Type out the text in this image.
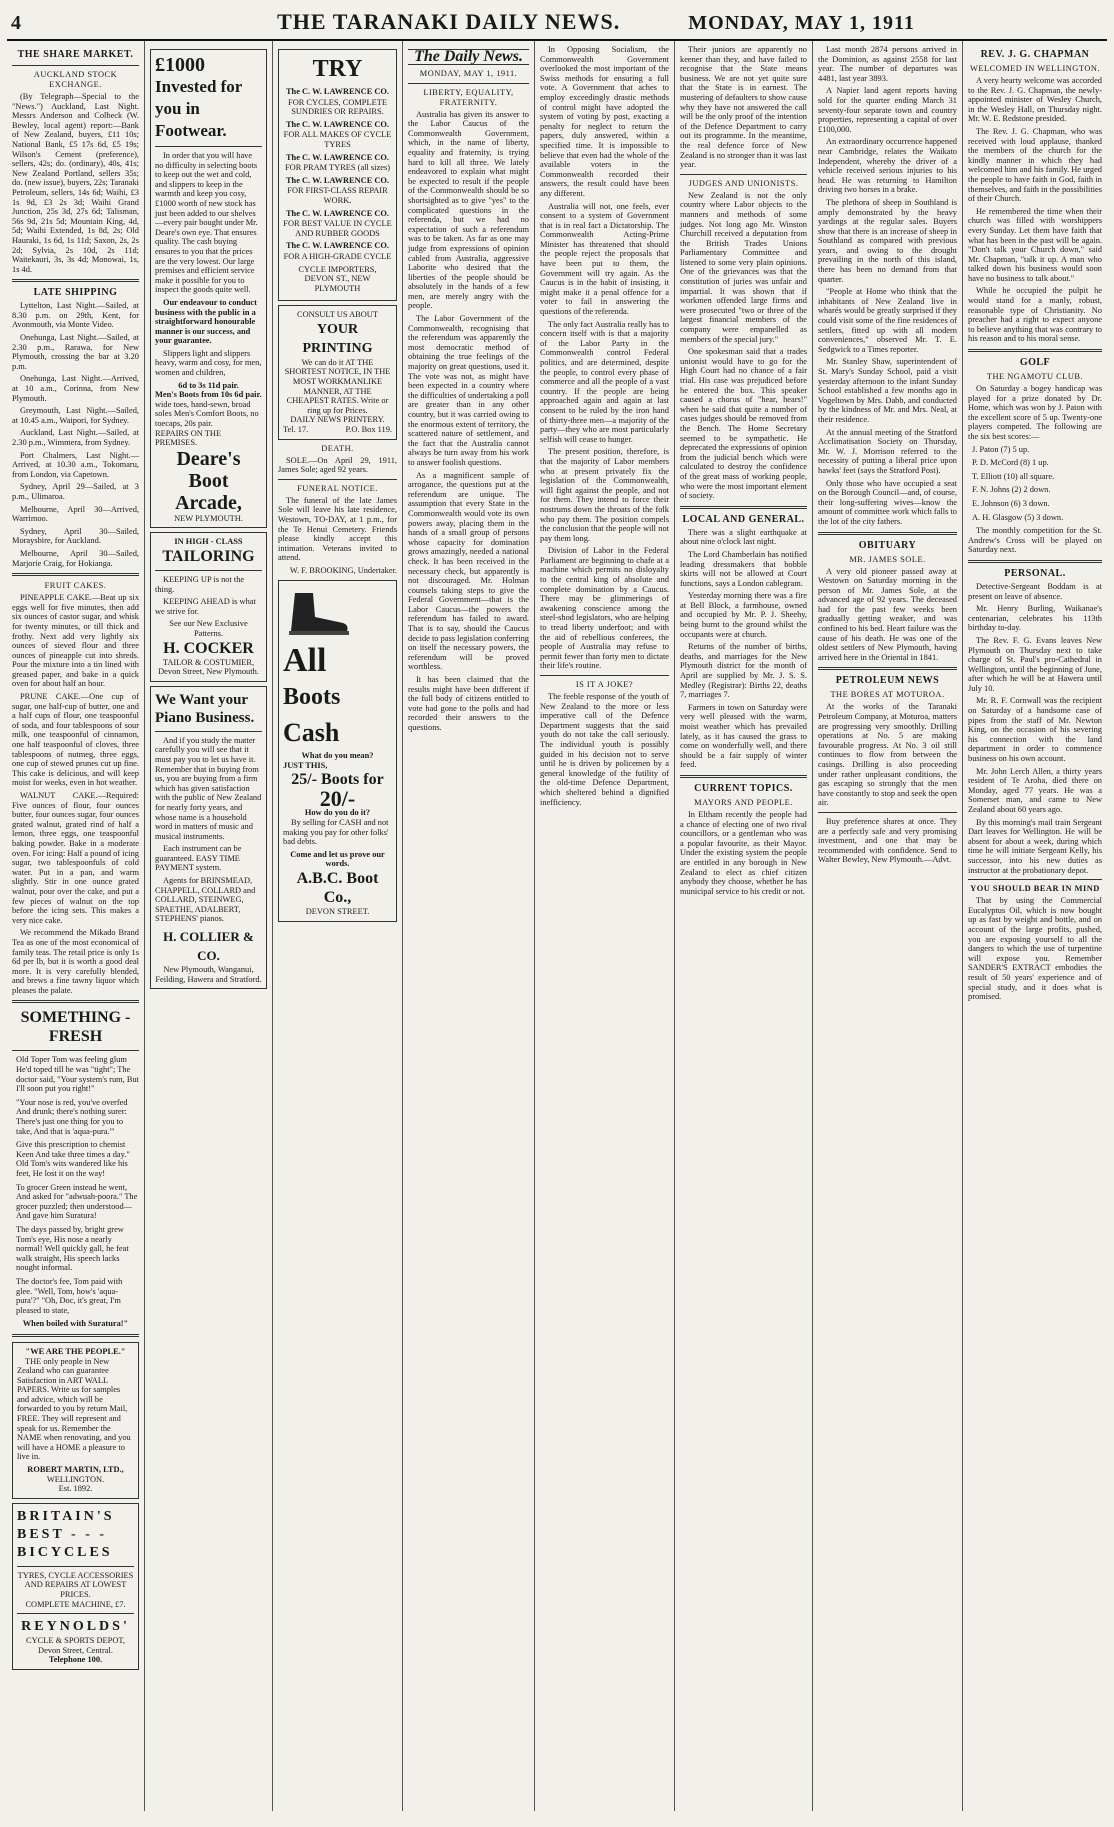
4	THE TARANAKI DAILY NEWS.	MONDAY, MAY 1, 1911
THE SHARE MARKET.
AUCKLAND STOCK EXCHANGE.

(By Telegraph—Special to the "News.") Auckland, Last Night. Messrs Anderson and Colbeck (W. Bewley, local agent) report:—Bank of New Zealand, buyers, £11 10s; National Bank, £5 17s 6d, £5 19s; Wilson's Cement (preference), sellers, 42s; do. (ordinary), 40s, 41s; New Zealand Portland, sellers 35s; do. (new issue), buyers, 22s; Taranaki Petroleum, sellers, 14s 6d; Waihi, £3 1s 9d, £3 2s 3d; Waihi Grand Junction, 25s 3d, 27s 6d; Talisman, 56s 9d, 21s 5d; Mountain King, 4d, 5d; Waihi Extended, 1s 8d, 2s; Old Hauraki, 1s 6d, 1s 11d; Saxon, 2s, 2s 2d; Sylvia, 2s 10d, 2s 11d; Waitekauri, 3s, 3s 4d; Monowai, 1s, 1s 4d.

LATE SHIPPING

Lyttelton, Last Night.—Sailed, at 8.30 p.m. on 29th, Kent, for Avonmouth, via Monte Video.

Onehunga, Last Night.—Sailed, at 2.30 p.m., Rarawa, for New Plymouth, crossing the bar at 3.20 p.m.

Onehunga, Last Night.—Arrived, at 10 a.m., Corinna, from New Plymouth.

Greymouth, Last Night.—Sailed, at 10.45 a.m., Waipori, for Sydney.

Auckland, Last Night.—Sailed, at 2.30 p.m., Wimmera, from Sydney.

Port Chalmers, Last Night.—Arrived, at 10.30 a.m., Tokomaru, from London, via Capetown.

Sydney, April 29—Sailed, at 3 p.m., Ulimaroa.

Melbourne, April 30—Arrived, Warrimoo.

Sydney, April 30—Sailed, Moraysbire, for Auckland.

Melbourne, April 30—Sailed, Marjorie Craig, for Hokianga.

FRUIT CAKES.

PINEAPPLE CAKE.—Beat up six eggs well for five minutes, then add six ounces of castor sugar, and whisk for twenty minutes, or till thick and frothy. Next add very lightly six ounces of sieved flour and three ounces of pineapple cut into shreds. Pour the mixture into a tin lined with greased paper, and bake in a quick oven for about half an hour.

PRUNE CAKE.—One cup of sugar, one half-cup of butter, one and a half cups of flour, one teaspoonful of soda, and four tablespoons of sour milk, one teaspoonful of cinnamon, one half teaspoonful of cloves, three tablespoons of nutmeg, three eggs, one cup of stewed prunes cut up fine. This cake is delicious, and will keep moist for weeks, even in hot weather.

WALNUT CAKE.—Required: Five ounces of flour, four ounces butter, four ounces sugar, four ounces grated walnut, grated rind of half a lemon, three eggs, one teaspoonful baking powder. Bake in a moderate oven. For icing: Half a pound of icing sugar, two tablespoonfuls of cold water. Put in a pan, and warm slightly. Stir in one ounce grated walnut, pour over the cake, and put a few pieces of walnut on the top before the icing sets. This makes a very nice cake.

We recommend the Mikado Brand Tea as one of the most economical of family teas. The retail price is only 1s 6d per lb, but it is worth a good deal more. It is very carefully blended, and brews a fine tawny liquor which pleases the palate.

SOMETHING - FRESH

Old Toper Tom was feeling glum He'd toped till he was "tight"; The doctor said, "Your system's rum, But I'll soon put you right!"

"Your nose is red, you've overfed And drunk; there's nothing surer: There's just one thing for you to take, And that is 'aqua-pura.'"

Give this prescription to chemist Keen And take three times a day." Old Tom's wits wandered like his feet, He lost it on the way!

To grocer Green instead he went, And asked for "adwuah-poora." The grocer puzzled; then understood— And gave him Suratura!

The days passed by, bright grew Tom's eye, His nose a nearly normal! Well quickly gall, he feat walk straight, His speech lacks nought informal.

The doctor's fee, Tom paid with glee. "Well, Tom, how's 'aqua-pura'?" "Oh, Doc, it's great, I'm pleased to state,

When boiled with Suratura!"
"WE ARE THE PEOPLE."

THE only people in New Zealand who can guarantee Satisfaction in ART WALL PAPERS. Write us for samples and advice, which will be forwarded to you by return Mail, FREE. They will represent and speak for us. Remember the NAME when renovating, and you will have a HOME a pleasure to live in.

ROBERT MARTIN, LTD.,
WELLINGTON.
Est. 1892.
BRITAIN'S
BEST - - -
BICYCLES
TYRES, CYCLE ACCESSORIES AND REPAIRS AT LOWEST PRICES.
COMPLETE MACHINE, £7.
REYNOLDS'
CYCLE & SPORTS DEPOT, Devon Street, Central.
Telephone 100.
£1000
Invested for you in Footwear.

In order that you will have no difficulty in selecting boots to keep out the wet and cold, and slippers to keep in the warmth and keep you cosy, £1000 worth of new stock has just been added to our shelves—every pair bought under Mr. Deare's own eye. That ensures quality. The cash buying ensures to you that the prices are the very lowest. Our large premises and efficient service make it possible for you to inspect the goods quite well.

Our endeavour to conduct business with the public in a straightforward honourable manner is our success, and your guarantee.

Slippers light and slippers heavy, warm and cosy, for men, women and children,

6d to 3s 11d pair.
Men's Boots from 10s 6d pair.
wide toes, hand-sewn, broad soles Men's Comfort Boots, no toecaps, 20s pair.
REPAIRS ON THE PREMISES.
Deare's
Boot Arcade,
NEW PLYMOUTH.
IN HIGH - CLASS
TAILORING

KEEPING UP is not the thing.

KEEPING AHEAD is what we strive for.

See our New Exclusive Patterns.
H. COCKER
TAILOR & COSTUMIER,
Devon Street, New Plymouth.
We Want your Piano Business.

And if you study the matter carefully you will see that it must pay you to let us have it. Remember that in buying from us, you are buying from a firm which has given satisfaction with the public of New Zealand for nearly forty years, and whose name is a household word in matters of music and musical instruments.

Each instrument can be guaranteed. EASY TIME PAYMENT system.

Agents for BRINSMEAD, CHAPPELL, COLLARD and COLLARD, STEINWEG, SPAETHE, ADALBERT, STEPHENS' pianos.

H. COLLIER & CO.
New Plymouth, Wanganui, Feilding, Hawera and Stratford.
TRY
The C. W. LAWRENCE CO.
FOR CYCLES, COMPLETE SUNDRIES OR REPAIRS.
The C. W. LAWRENCE CO.
FOR ALL MAKES OF CYCLE TYRES
The C. W. LAWRENCE CO.
FOR PRAM TYRES (all sizes)
The C. W. LAWRENCE CO.
FOR FIRST-CLASS REPAIR WORK.
The C. W. LAWRENCE CO.
FOR BEST VALUE IN CYCLE AND RUBBER GOODS
The C. W. LAWRENCE CO.
FOR A HIGH-GRADE CYCLE
CYCLE IMPORTERS, DEVON ST., NEW PLYMOUTH
CONSULT US ABOUT
YOUR PRINTING
We can do it AT THE SHORTEST NOTICE, IN THE MOST WORKMANLIKE MANNER, AT THE CHEAPEST RATES. Write or ring up for Prices.
DAILY NEWS PRINTERY.
Tel. 17.	P.O. Box 119.
DEATH.

SOLE.—On April 29, 1911, James Sole; aged 92 years.

FUNERAL NOTICE.

The funeral of the late James Sole will leave his late residence, Westown, TO-DAY, at 1 p.m., for the Te Henui Cemetery. Friends please kindly accept this intimation. Veterans invited to attend.

W. F. BROOKING, Undertaker.
All
Boots
Cash
What do you mean?
JUST THIS,
25/- Boots for
20/-
How do you do it?

By selling for CASH and not making you pay for other folks' bad debts.

Come and let us prove our words.
A.B.C. Boot Co.,
DEVON STREET.
The Daily News.
MONDAY, MAY 1, 1911.
LIBERTY, EQUALITY, FRATERNITY.

Australia has given its answer to the Labor Caucus of the Commonwealth Government, which, in the name of liberty, equality and fraternity, is trying hard to kill all three. We lately endeavored to explain what might be expected to result if the people of the Commonwealth should be so shortsighted as to give "yes" to the complicated questions in the referenda, but we had no expectation of such a referendum was to be taken. As far as one may judge from expressions of opinion cabled from Australia, aggressive Laborite who desired that the liberties of the people should be absolutely in the hands of a few men, are merely angry with the people.

The Labor Government of the Commonwealth, recognising that the referendum was apparently the most democratic method of obtaining the true feelings of the majority on great questions, used it. The vote was not, as might have been expected in a country where the difficulties of undertaking a poll are greater than in any other country, but it was carried owing to the enormous extent of territory, the scattered nature of settlement, and the fact that the Australia cannot always be turn away from his work to answer foolish questions.

As a magnificent sample of arrogance, the questions put at the referendum are unique. The assumption that every State in the Commonwealth would vote its own powers away, placing them in the hands of a small group of persons whose capacity for domination grows amazingly, needed a national check. It has been received in the necessary check, but apparently is not discouraged. Mr. Holman counsels taking steps to give the Federal Government—that is the Labor Caucus—the powers the referendum has failed to award. That is to say, should the Caucus decide to pass legislation conferring on itself the necessary powers, the referendum will be proved worthless.

It has been claimed that the results might have been different if the full body of citizens entitled to vote had gone to the polls and had recorded their answers to the questions.

In Opposing Socialism, the Commonwealth Government overlooked the most important of the Swiss methods for ensuring a full vote. A Government that aches to employ exceedingly drastic methods of control might have adopted the system of voting by post, exacting a penalty for neglect to return the papers, duly answered, within a specified time. It is impossible to believe that even had the whole of the available voters in the Commonwealth recorded their answers, the result could have been any different.

Australia will not, one feels, ever consent to a system of Government that is in real fact a Dictatorship. The Commonwealth Acting-Prime Minister has threatened that should the people reject the proposals that have been put to them, the Government will try again. As the Caucus is in the habit of insisting, it might make it a penal offence for a voter to fail in answering the questions of the referenda.

The only fact Australia really has to concern itself with is that a majority of the Labor Party in the Commonwealth control Federal politics, and are determined, despite the people, to control every phase of commerce and all the people of a vast country. If the people are being approached again and again at last consent to be ruled by the iron hand of thirty-three men—a majority of the party—they who are most particularly selfish will cease to hunger.

The present position, therefore, is that the majority of Labor members who at present privately fix the legislation of the Commonwealth, will fight against the people, and not for them. They intend to force their nostrums down the throats of the folk who pay them. The position compels the conclusion that the people will not pay them long.

Division of Labor in the Federal Parliament are beginning to chafe at a machine which permits no disloyalty to the central king of absolute and complete domination by a Caucus. There may be glimmerings of awakening conscience among the steel-shod legislators, who are helping to tread liberty underfoot; and with the aid of rebellious conferees, the people of Australia may refuse to permit fewer than forty men to dictate their life's routine.

IS IT A JOKE?

The feeble response of the youth of New Zealand to the more or less imperative call of the Defence Department suggests that the said youth do not take the call seriously. The individual youth is possibly guided in his decision not to serve until he is driven by policemen by a general knowledge of the futility of the old-time Defence Department, which sheltered behind a dignified inefficiency.

Their juniors are apparently no keener than they, and have failed to recognise that the State means business. We are not yet quite sure that the State is in earnest. The mustering of defaulters to show cause why they have not answered the call will be the only proof of the intention of the Defence Department to carry out its programme. In the meantime, the real defence force of New Zealand is no stronger than it was last year.

JUDGES AND UNIONISTS.

New Zealand is not the only country where Labor objects to the manners and methods of some judges. Not long ago Mr. Winston Churchill received a deputation from the British Trades Unions Parliamentary Committee and listened to some very plain opinions. One of the grievances was that the constitution of juries was unfair and impartial. It was shown that if workmen offended large firms and were prosecuted "two or three of the largest financial members of the company were empanelled as members of the special jury."

One spokesman said that a trades unionist would have to go for the High Court had no chance of a fair trial. His case was prejudiced before he entered the box. This speaker caused a chorus of "hear, hears!" when he said that quite a number of cases judges should be removed from the Bench. The Home Secretary seemed to be sympathetic. He deprecated the expressions of opinion from the judicial bench which were calculated to destroy the confidence of the great mass of working people, who were the most important element of society.

LOCAL AND GENERAL.

There was a slight earthquake at about nine o'clock last night.

The Lord Chamberlain has notified leading dressmakers that bobble skirts will not be allowed at Court functions, says a London cablegram.

Yesterday morning there was a fire at Bell Block, a farmhouse, owned and occupied by Mr. P. J. Sheehy, being burnt to the ground whilst the occupants were at church.

Returns of the number of births, deaths, and marriages for the New Plymouth district for the month of April are supplied by Mr. J. S. S. Medley (Registrar): Births 22, deaths 7, marriages 7.

Farmers in town on Saturday were very well pleased with the warm, moist weather which has prevailed lately, as it has caused the grass to come on wonderfully well, and there should be a fair supply of winter feed.

CURRENT TOPICS.
MAYORS AND PEOPLE.

In Eltham recently the people had a chance of electing one of two rival councillors, or a gentleman who was a popular favourite, as their Mayor. Under the existing system the people are entitled in any borough in New Zealand to elect as chief citizen anybody they choose, whether he has municipal service to his credit or not.

Last month 2874 persons arrived in the Dominion, as against 2558 for last year. The number of departures was 4481, last year 3893.

A Napier land agent reports having sold for the quarter ending March 31 seventy-four separate town and country properties, representing a capital of over £100,000.

An extraordinary occurrence happened near Cambridge, relates the Waikato Independent, whereby the driver of a vehicle received serious injuries to his head. He was returning to Hamilton driving two horses in a brake.

The plethora of sheep in Southland is amply demonstrated by the heavy yardings at the regular sales. Buyers show that there is an increase of sheep in Southland as compared with previous years, and owing to the drought prevailing in the north of this island, there has been no demand from that quarter.

"People at Home who think that the inhabitants of New Zealand live in wharés would be greatly surprised if they could visit some of the fine residences of settlers, fitted up with all modern conveniences," observed Mr. T. E. Sedgwick to a Times reporter.

Mr. Stanley Shaw, superintendent of St. Mary's Sunday School, paid a visit yesterday afternoon to the infant Sunday School established a few months ago in Vogeltown by Mrs. Dabb, and conducted by the kindness of Mr. and Mrs. Neal, at their residence.

At the annual meeting of the Stratford Acclimatisation Society on Thursday, Mr. W. J. Morrison referred to the necessity of putting a liberal price upon hawks' feet (says the Stratford Post).

Only those who have occupied a seat on the Borough Council—and, of course, their long-suffering wives—know the amount of committee work which falls to the lot of the city fathers.

OBITUARY
MR. JAMES SOLE.

A very old pioneer passed away at Westown on Saturday morning in the person of Mr. James Sole, at the advanced age of 92 years. The deceased had for the past few weeks been gradually getting weaker, and was confined to his bed. Heart failure was the cause of his death. He was one of the oldest settlers of New Plymouth, having arrived here in the Oriental in 1841.

PETROLEUM NEWS
THE BORES AT MOTUROA.

At the works of the Taranaki Petroleum Company, at Moturoa, matters are progressing very smoothly. Drilling operations at No. 5 are making favourable progress. At No. 3 oil still continues to flow from between the casings. Drilling is also proceeding under rather unpleasant conditions, the gas escaping so strongly that the men have constantly to stop and seek the open air.

Buy preference shares at once. They are a perfectly safe and very promising investment, and one that may be recommended with confidence. Send to Walter Bewley, New Plymouth.—Advt.

REV. J. G. CHAPMAN
WELCOMED IN WELLINGTON.

A very hearty welcome was accorded to the Rev. J. G. Chapman, the newly-appointed minister of Wesley Church, in the Wesley Hall, on Thursday night. Mr. W. E. Redstone presided.

The Rev. J. G. Chapman, who was received with loud applause, thanked the members of the church for the kindly manner in which they had welcomed him and his family. He urged the people to have faith in God, faith in themselves, and faith in the possibilities of their Church.

He remembered the time when their church was filled with worshippers every Sunday. Let them have faith that what has been in the past will be again. "Don't talk your Church down," said Mr. Chapman, "talk it up. A man who talked down his business would soon have no business to talk about."

While he occupied the pulpit he would stand for a manly, robust, reasonable type of Christianity. No preacher had a right to expect anyone to believe anything that was contrary to his reason and to his moral sense.

GOLF
THE NGAMOTU CLUB.

On Saturday a bogey handicap was played for a prize donated by Dr. Home, which was won by J. Paton with the excellent score of 5 up. Twenty-one players competed. The following are the six best scores:—

J. Paton (7) 5 up.
P. D. McCord (8) 1 up.
T. Elliott (10) all square.
F. N. Johns (2) 2 down.
E. Johnson (6) 3 down.
A. H. Glasgow (5) 3 down.

The monthly competition for the St. Andrew's Cross will be played on Saturday next.

PERSONAL.

Detective-Sergeant Boddam is at present on leave of absence.

Mr. Henry Burling, Waikanae's centenarian, celebrates his 113th birthday to-day.

The Rev. F. G. Evans leaves New Plymouth on Thursday next to take charge of St. Paul's pro-Cathedral in Wellington, until the beginning of June, after which he will be at Hawera until July 10.

Mr. R. F. Cornwall was the recipient on Saturday of a handsome case of pipes from the staff of Mr. Newton King, on the occasion of his severing his connection with the land department in order to commence business on his own account.

Mr. John Lerch Allen, a thirty years resident of Te Aroha, died there on Monday, aged 77 years. He was a Somerset man, and came to New Zealand about 60 years ago.

By this morning's mail train Sergeant Dart leaves for Wellington. He will be absent for about a week, during which time he will initiate Sergeant Kelly, his successor, into his new duties as instructor at the probationary depot.

YOU SHOULD BEAR IN MIND

That by using the Commercial Eucalyptus Oil, which is now bought up as fast by weight and bottle, and on account of the large profits, pushed, you are exposing yourself to all the dangers to which the use of turpentine will expose you. Remember SANDER'S EXTRACT embodies the result of 50 years' experience and of special study, and it does what is promised.
